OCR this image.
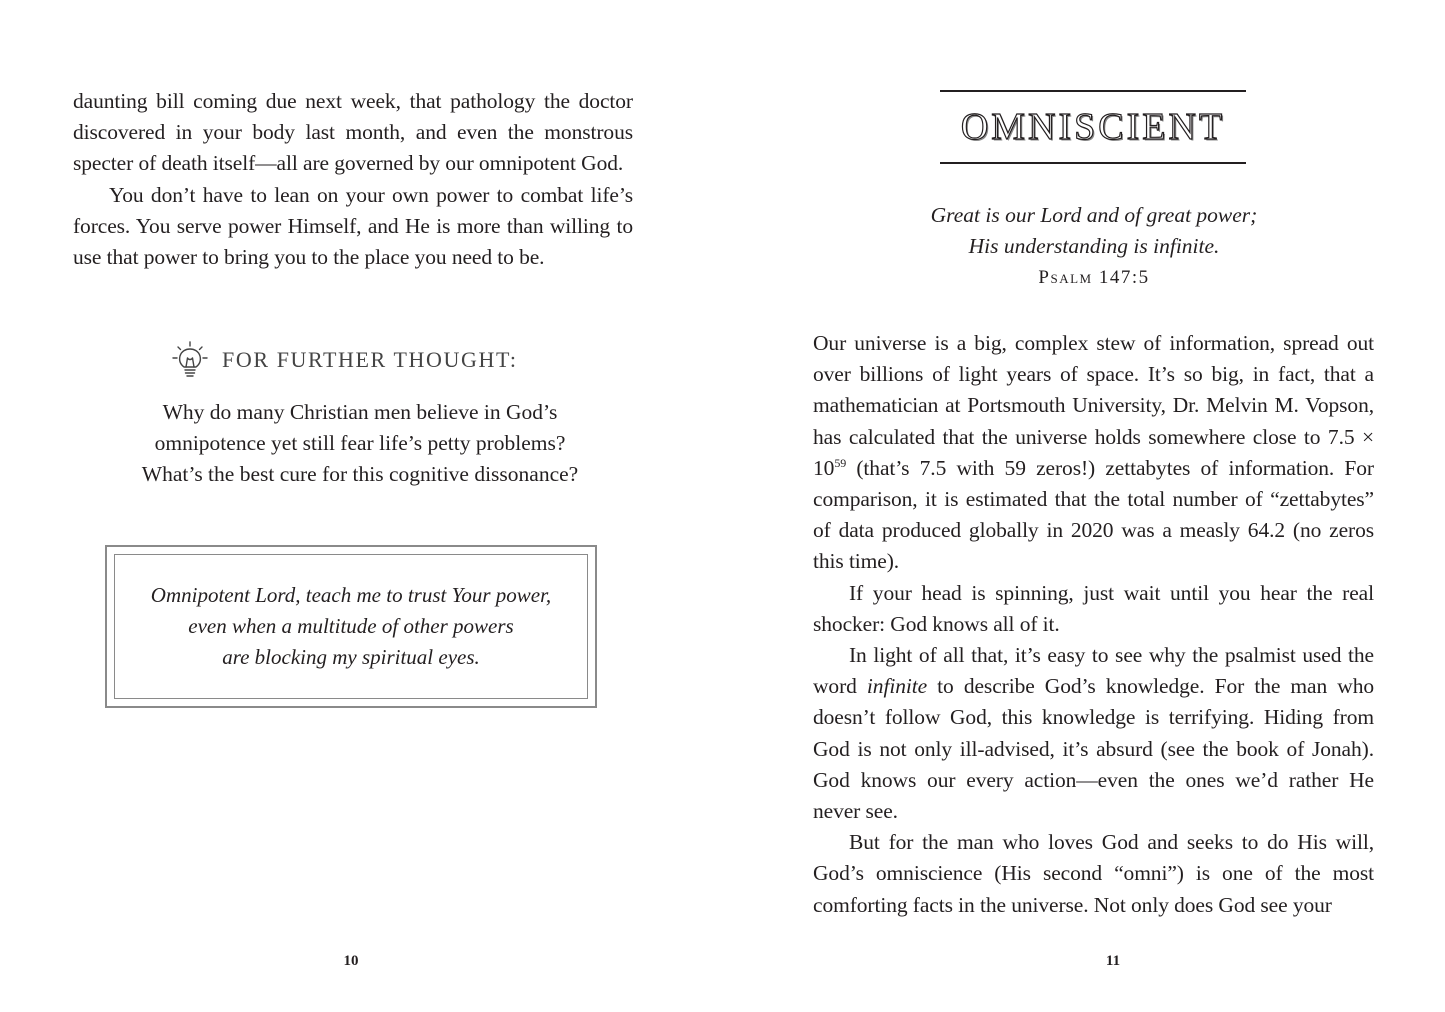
daunting bill coming due next week, that pathology the doctor discovered in your body last month, and even the monstrous specter of death itself—all are governed by our omnipotent God.

You don’t have to lean on your own power to combat life’s forces. You serve power Himself, and He is more than willing to use that power to bring you to the place you need to be.

FOR FURTHER THOUGHT:
Why do many Christian men believe in God’s
omnipotence yet still fear life’s petty problems?
What’s the best cure for this cognitive dissonance?
Omnipotent Lord, teach me to trust Your power,
even when a multitude of other powers
are blocking my spiritual eyes.
10
OMNISCIENT
Great is our Lord and of great power;
His understanding is infinite.
Psalm 147:5

Our universe is a big, complex stew of information, spread out over billions of light years of space. It’s so big, in fact, that a mathematician at Portsmouth University, Dr. Melvin M. Vopson, has calculated that the universe holds somewhere close to $7.5 \times 10^{59}$ (that’s 7.5 with 59 zeros!) zettabytes of information. For comparison, it is estimated that the total number of “zettabytes” of data produced globally in 2020 was a measly 64.2 (no zeros this time).

If your head is spinning, just wait until you hear the real shocker: God knows all of it.

In light of all that, it’s easy to see why the psalmist used the word infinite to describe God’s knowledge. For the man who doesn’t follow God, this knowledge is terrifying. Hiding from God is not only ill-advised, it’s absurd (see the book of Jonah). God knows our every action—even the ones we’d rather He never see.

But for the man who loves God and seeks to do His will, God’s omniscience (His second “omni”) is one of the most comforting facts in the universe. Not only does God see your

11
